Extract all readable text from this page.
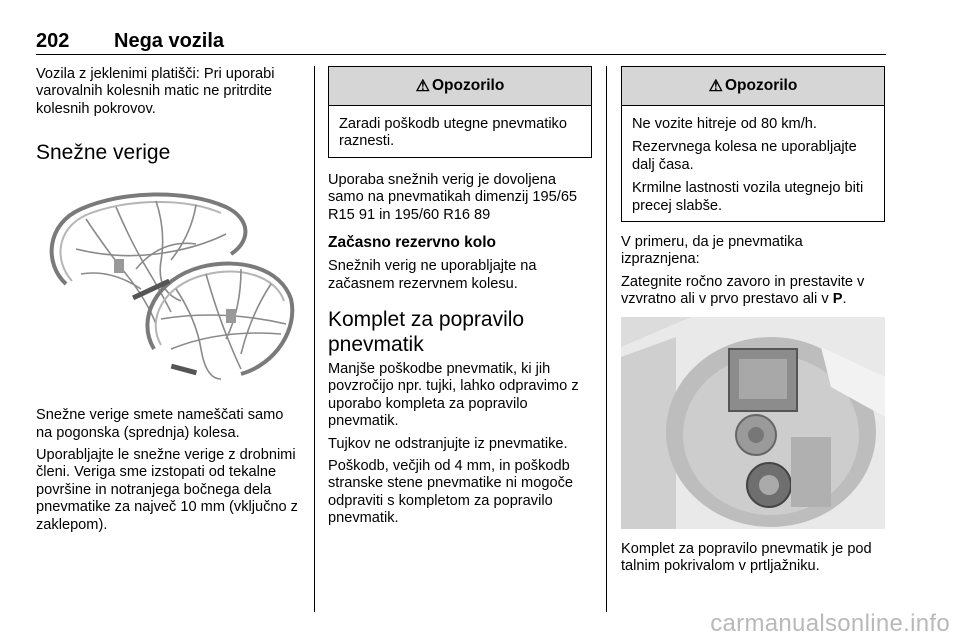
202 Nega vozila

Vozila z jeklenimi platišči: Pri uporabi varovalnih kolesnih matic ne pritrdite kolesnih pokrovov.

Snežne verige

Snežne verige smete nameščati samo na pogonska (sprednja) kolesa.

Uporabljajte le snežne verige z drobnimi členi. Veriga sme izstopati od tekalne površine in notranjega bočnega dela pnevmatike za največ 10 mm (vključno z zaklepom).

⚠ Opozorilo

Zaradi poškodb utegne pnevmatiko raznesti.

Uporaba snežnih verig je dovoljena samo na pnevmatikah dimenzij 195/65 R15 91 in 195/60 R16 89

Začasno rezervno kolo

Snežnih verig ne uporabljajte na začasnem rezervnem kolesu.

Komplet za popravilo pnevmatik

Manjše poškodbe pnevmatik, ki jih povzročijo npr. tujki, lahko odpravimo z uporabo kompleta za popravilo pnevmatik.

Tujkov ne odstranjujte iz pnevmatike.

Poškodb, večjih od 4 mm, in poškodb stranske stene pnevmatike ni mogoče odpraviti s kompletom za popravilo pnevmatik.

⚠ Opozorilo

Ne vozite hitreje od 80 km/h.

Rezervnega kolesa ne uporabljajte dalj časa.

Krmilne lastnosti vozila utegnejo biti precej slabše.

V primeru, da je pnevmatika izpraznjena:

Zategnite ročno zavoro in prestavite v vzvratno ali v prvo prestavo ali v P.

Komplet za popravilo pnevmatik je pod talnim pokrivalom v prtljažniku.

carmanualsonline.info
